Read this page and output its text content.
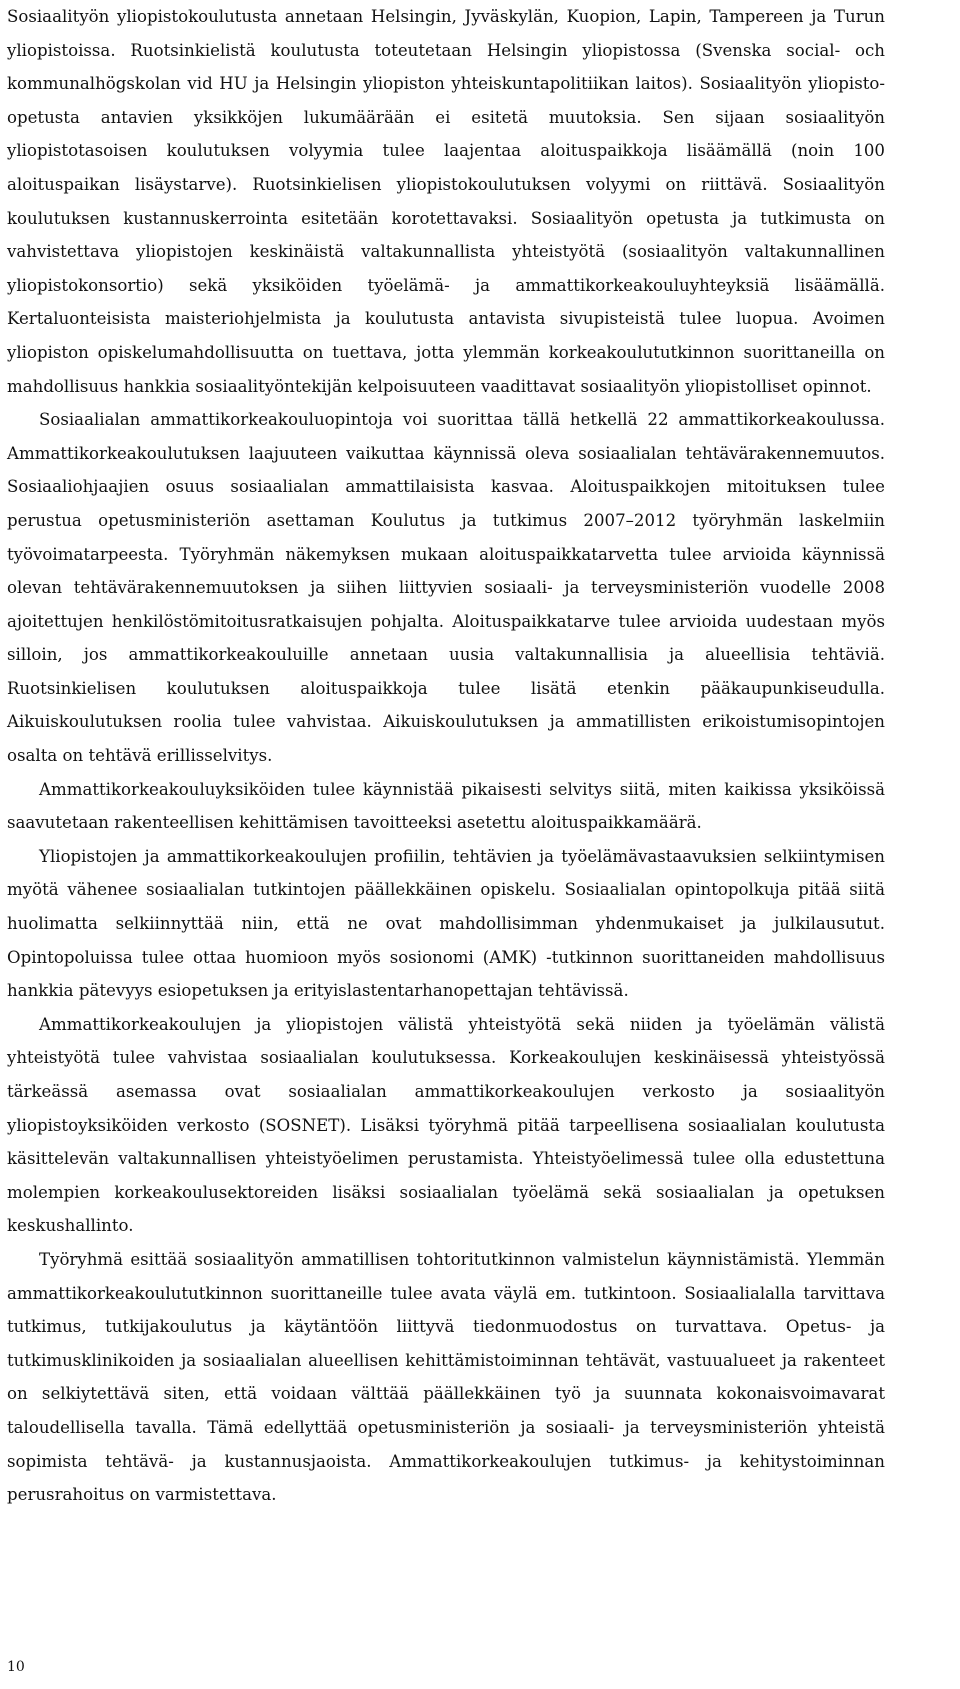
Sosiaalityön yliopistokoulutusta annetaan Helsingin, Jyväskylän, Kuopion, Lapin, Tampereen ja Turun yliopistoissa. Ruotsinkielistä koulutusta toteutetaan Helsingin yliopistossa (Svenska social- och kommunalhögskolan vid HU ja Helsingin yliopiston yhteiskuntapolitiikan laitos). Sosiaalityön yliopisto-opetusta antavien yksikköjen lukumäärään ei esitetä muutoksia. Sen sijaan sosiaalityön yliopistotasoisen koulutuksen volyymia tulee laajentaa aloituspaikkoja lisäämällä (noin 100 aloituspaikan lisäystarve). Ruotsinkielisen yliopistokoulutuksen volyymi on riittävä. Sosiaalityön koulutuksen kustannuskerrointa esitetään korotettavaksi. Sosiaalityön opetusta ja tutkimusta on vahvistettava yliopistojen keskinäistä valtakunnallista yhteistyötä (sosiaalityön valtakunnallinen yliopistokonsortio) sekä yksiköiden työelämä- ja ammattikorkeakouluyhteyksiä lisäämällä. Kertaluonteisista maisteriohjelmista ja koulutusta antavista sivupisteistä tulee luopua. Avoimen yliopiston opiskelumahdollisuutta on tuettava, jotta ylemmän korkeakoulututkinnon suorittaneilla on mahdollisuus hankkia sosiaalityöntekijän kelpoisuuteen vaadittavat sosiaalityön yliopistolliset opinnot.

Sosiaalialan ammattikorkeakouluopintoja voi suorittaa tällä hetkellä 22 ammattikorkeakoulussa. Ammattikorkeakoulutuksen laajuuteen vaikuttaa käynnissä oleva sosiaalialan tehtävärakennemuutos. Sosiaaliohjaajien osuus sosiaalialan ammattilaisista kasvaa. Aloituspaikkojen mitoituksen tulee perustua opetusministeriön asettaman Koulutus ja tutkimus 2007–2012 työryhmän laskelmiin työvoimatarpeesta. Työryhmän näkemyksen mukaan aloituspaikkatarvetta tulee arvioida käynnissä olevan tehtävärakennemuutoksen ja siihen liittyvien sosiaali- ja terveysministeriön vuodelle 2008 ajoitettujen henkilöstömitoitusratkaisujen pohjalta. Aloituspaikkatarve tulee arvioida uudestaan myös silloin, jos ammattikorkeakouluille annetaan uusia valtakunnallisia ja alueellisia tehtäviä. Ruotsinkielisen koulutuksen aloituspaikkoja tulee lisätä etenkin pääkaupunkiseudulla. Aikuiskoulutuksen roolia tulee vahvistaa. Aikuiskoulutuksen ja ammatillisten erikoistumisopintojen osalta on tehtävä erillisselvitys.

Ammattikorkeakouluyksiköiden tulee käynnistää pikaisesti selvitys siitä, miten kaikissa yksiköissä saavutetaan rakenteellisen kehittämisen tavoitteeksi asetettu aloituspaikkamäärä.

Yliopistojen ja ammattikorkeakoulujen profiilin, tehtävien ja työelämävastaavuksien selkiintymisen myötä vähenee sosiaalialan tutkintojen päällekkäinen opiskelu. Sosiaalialan opintopolkuja pitää siitä huolimatta selkiinnyttää niin, että ne ovat mahdollisimman yhdenmukaiset ja julkilausutut. Opintopoluissa tulee ottaa huomioon myös sosionomi (AMK) -tutkinnon suorittaneiden mahdollisuus hankkia pätevyys esiopetuksen ja erityislastentarhanopettajan tehtävissä.

Ammattikorkeakoulujen ja yliopistojen välistä yhteistyötä sekä niiden ja työelämän välistä yhteistyötä tulee vahvistaa sosiaalialan koulutuksessa. Korkeakoulujen keskinäisessä yhteistyössä tärkeässä asemassa ovat sosiaalialan ammattikorkeakoulujen verkosto ja sosiaalityön yliopistoyksiköiden verkosto (SOSNET). Lisäksi työryhmä pitää tarpeellisena sosiaalialan koulutusta käsittelevän valtakunnallisen yhteistyöelimen perustamista. Yhteistyöelimessä tulee olla edustettuna molempien korkeakoulusektoreiden lisäksi sosiaalialan työelämä sekä sosiaalialan ja opetuksen keskushallinto.

Työryhmä esittää sosiaalityön ammatillisen tohtoritutkinnon valmistelun käynnistämistä. Ylemmän ammattikorkeakoulututkinnon suorittaneille tulee avata väylä em. tutkintoon. Sosiaalialalla tarvittava tutkimus, tutkijakoulutus ja käytäntöön liittyvä tiedonmuodostus on turvattava. Opetus- ja tutkimusklinikoiden ja sosiaalialan alueellisen kehittämistoiminnan tehtävät, vastuualueet ja rakenteet on selkiytettävä siten, että voidaan välttää päällekkäinen työ ja suunnata kokonaisvoimavarat taloudellisella tavalla. Tämä edellyttää opetusministeriön ja sosiaali- ja terveysministeriön yhteistä sopimista tehtävä- ja kustannusjaoista. Ammattikorkeakoulujen tutkimus- ja kehitystoiminnan perusrahoitus on varmistettava.

10
